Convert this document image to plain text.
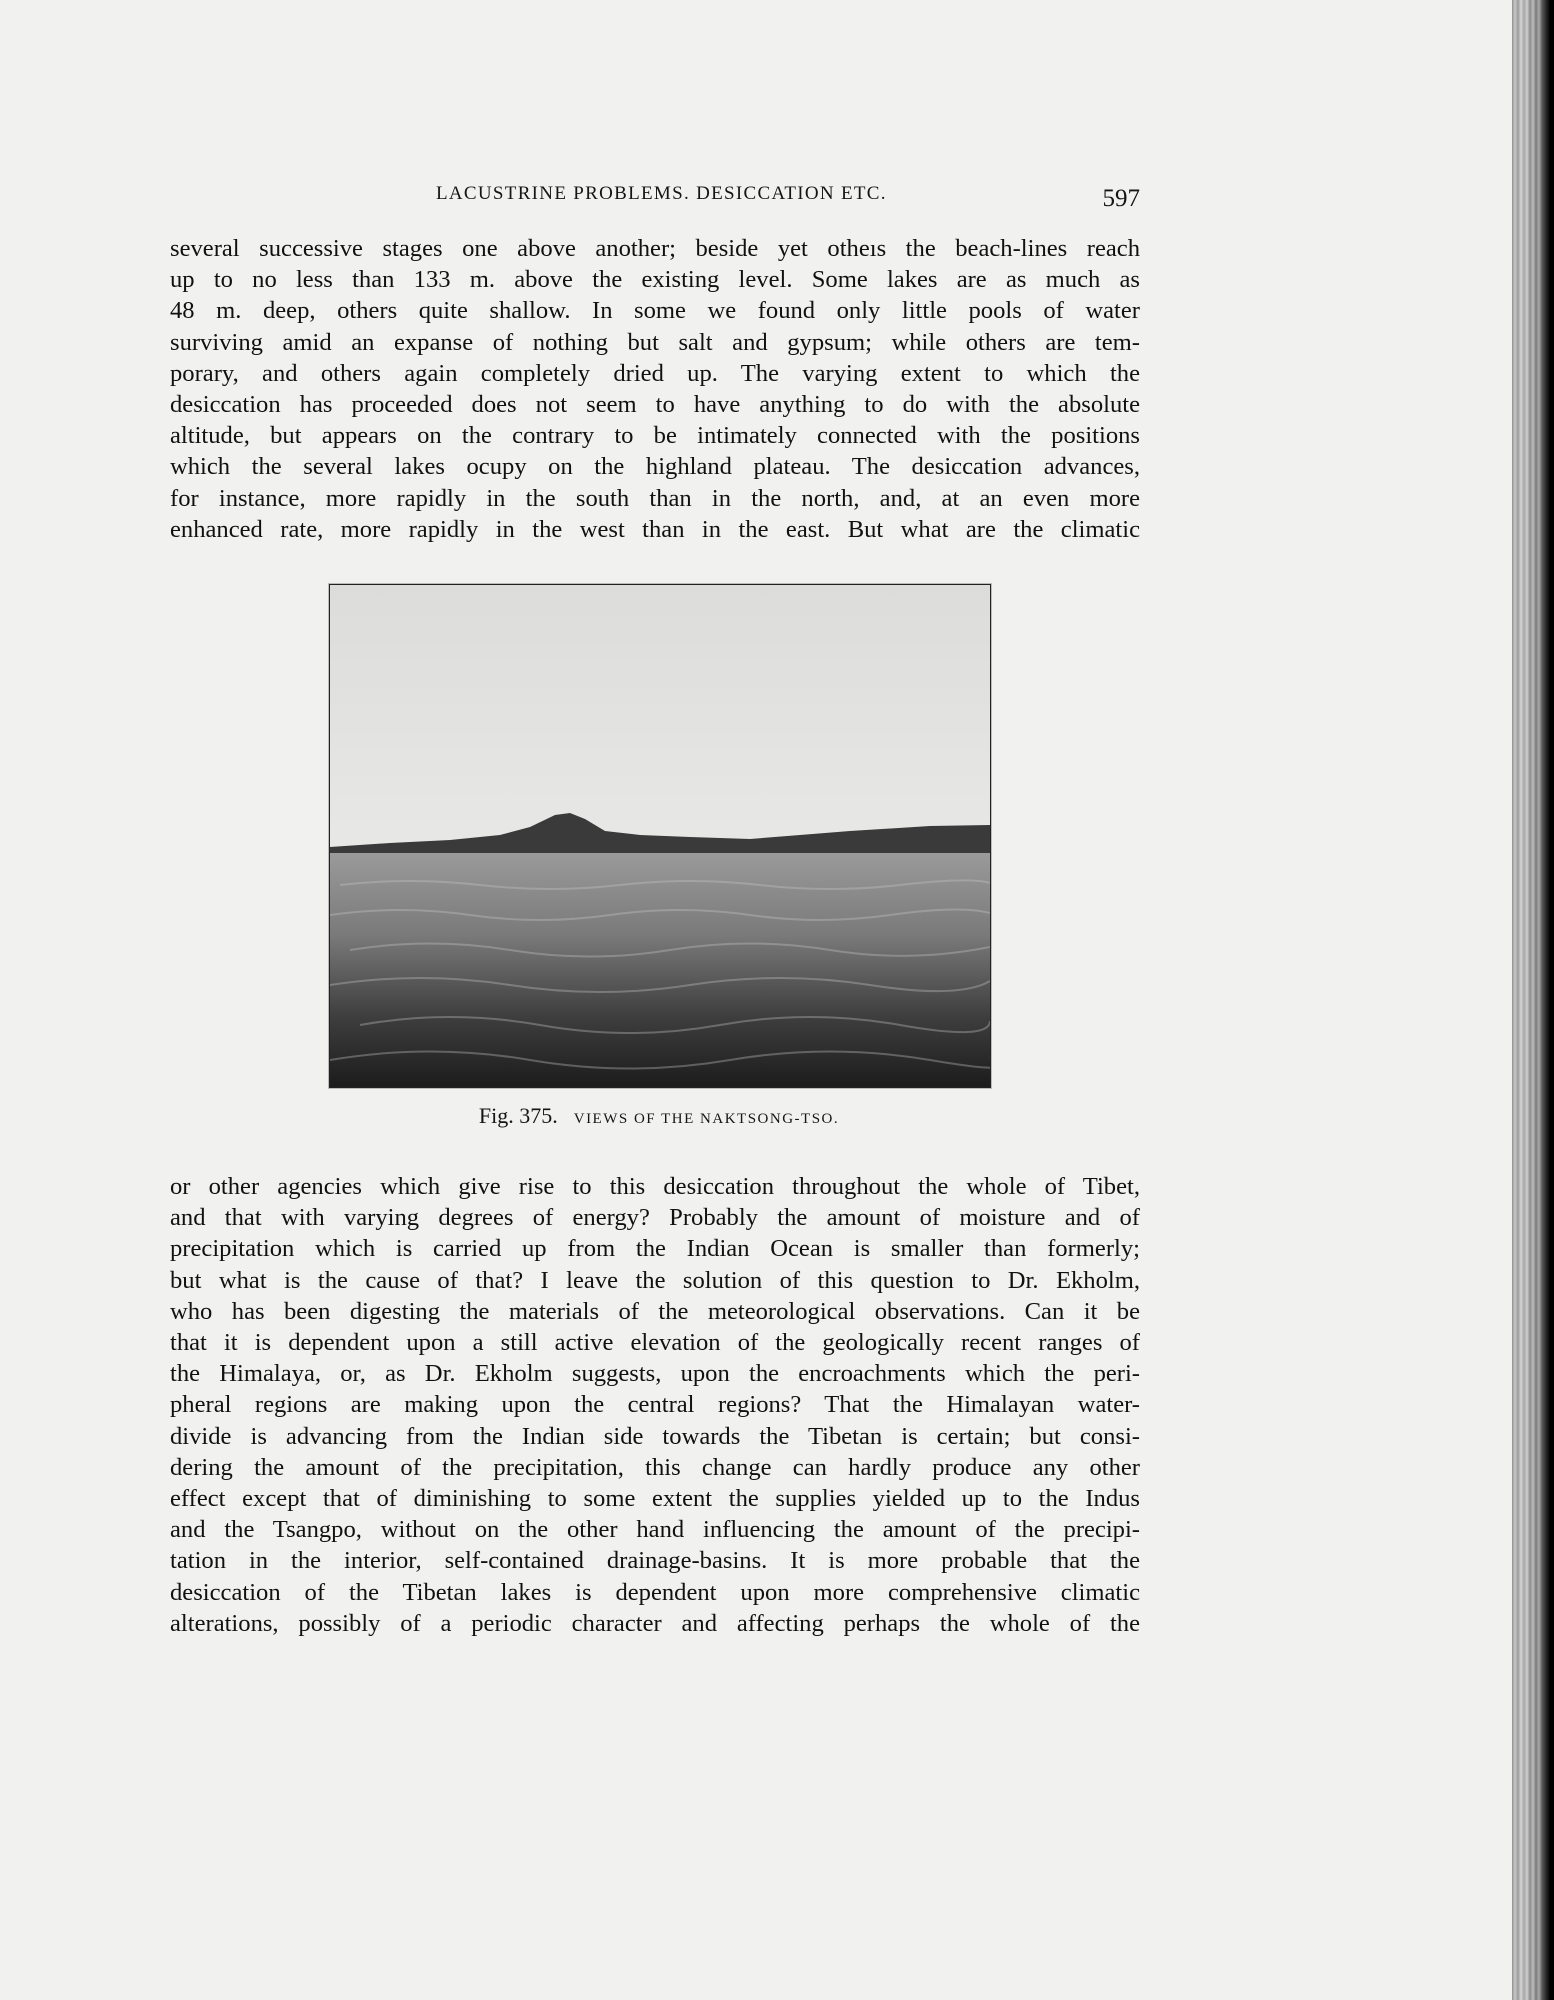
LACUSTRINE PROBLEMS. DESICCATION ETC.	597
several successive stages one above another; beside yet otheıs the beach-lines reach
up to no less than 133 m. above the existing level. Some lakes are as much as
48 m. deep, others quite shallow. In some we found only little pools of water
surviving amid an expanse of nothing but salt and gypsum; while others are tem-
porary, and others again completely dried up. The varying extent to which the
desiccation has proceeded does not seem to have anything to do with the absolute
altitude, but appears on the contrary to be intimately connected with the positions
which the several lakes ocupy on the highland plateau. The desiccation advances,
for instance, more rapidly in the south than in the north, and, at an even more
enhanced rate, more rapidly in the west than in the east. But what are the climatic
Fig. 375. VIEWS OF THE NAKTSONG-TSO.
or other agencies which give rise to this desiccation throughout the whole of Tibet,
and that with varying degrees of energy? Probably the amount of moisture and of
precipitation which is carried up from the Indian Ocean is smaller than formerly;
but what is the cause of that? I leave the solution of this question to Dr. Ekholm,
who has been digesting the materials of the meteorological observations. Can it be
that it is dependent upon a still active elevation of the geologically recent ranges of
the Himalaya, or, as Dr. Ekholm suggests, upon the encroachments which the peri-
pheral regions are making upon the central regions? That the Himalayan water-
divide is advancing from the Indian side towards the Tibetan is certain; but consi-
dering the amount of the precipitation, this change can hardly produce any other
effect except that of diminishing to some extent the supplies yielded up to the Indus
and the Tsangpo, without on the other hand influencing the amount of the precipi-
tation in the interior, self-contained drainage-basins. It is more probable that the
desiccation of the Tibetan lakes is dependent upon more comprehensive climatic
alterations, possibly of a periodic character and affecting perhaps the whole of the
